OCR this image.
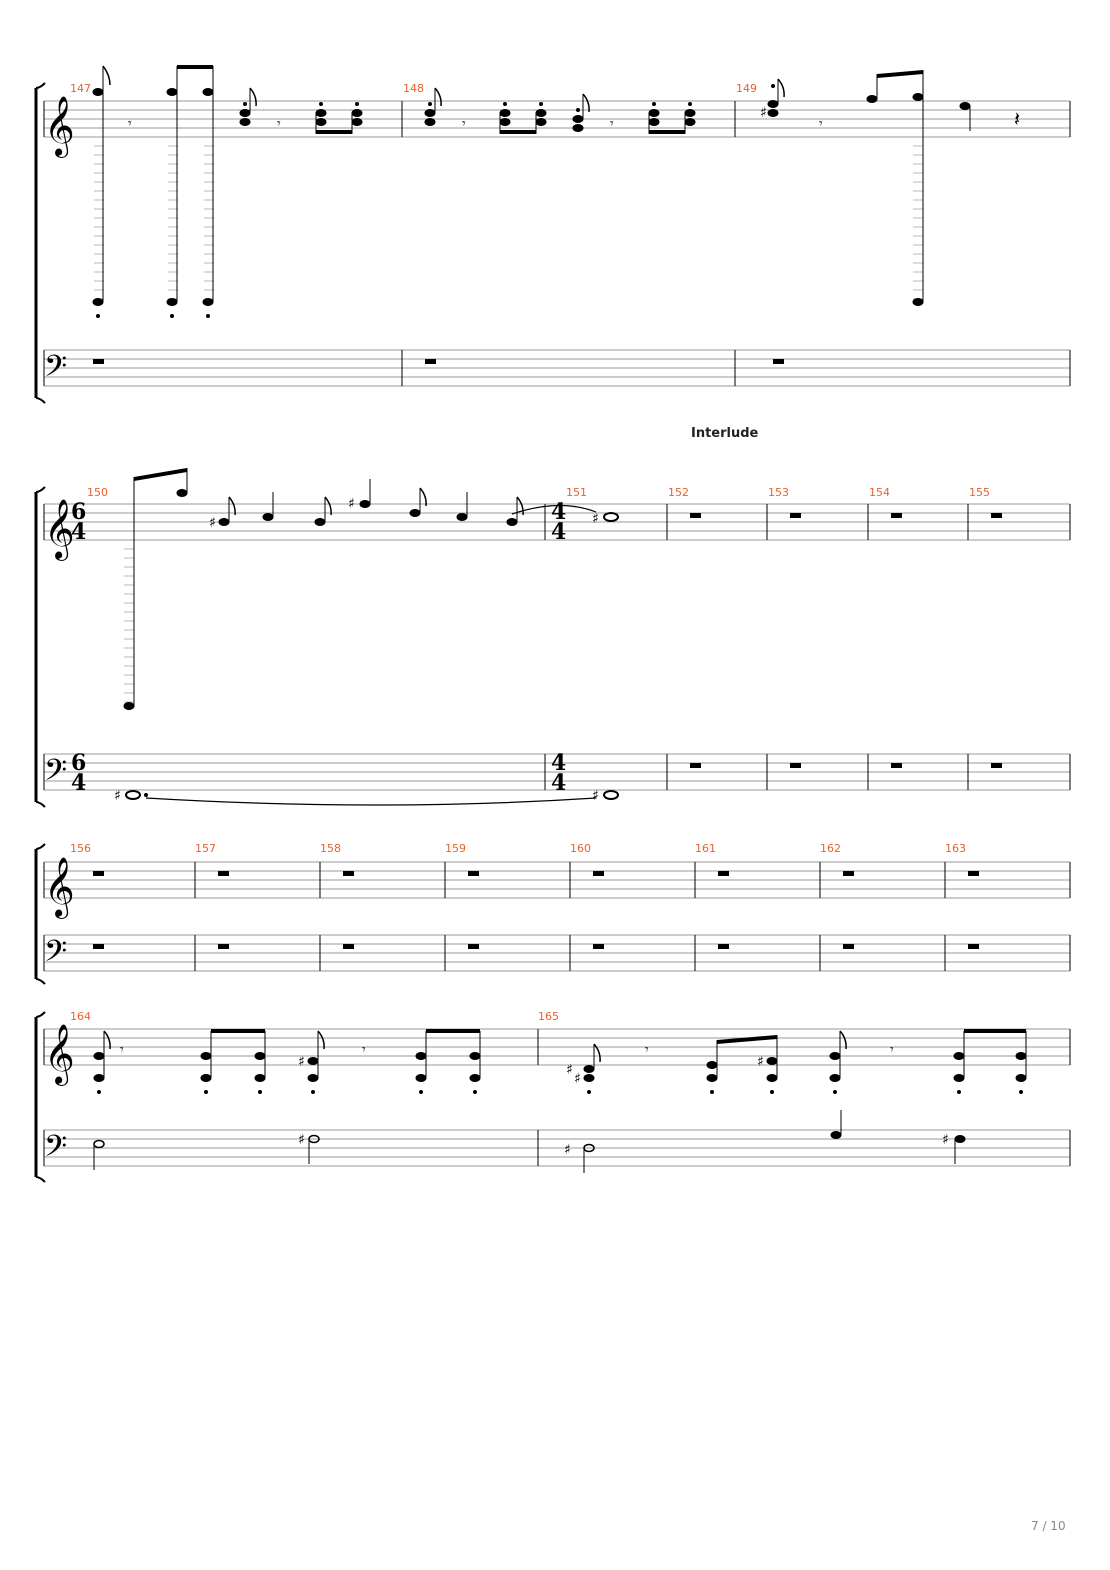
𝄞	𝄾	𝄾	𝄾	𝄾
♯
𝄾	𝄽
𝄢
147	148	149
Interlude
𝄞
6
4
4
4
♯
♯
♯
𝄢 6
4
4
4
♯	♯
150	151	152	153	154	155
𝄞
𝄢
156	157	158	159	160	161	162	163
𝄞	𝄾
♯
𝄾
♯
♯
𝄾
♯
𝄾
𝄢	♯
♯
♯
164	165
7 / 10
